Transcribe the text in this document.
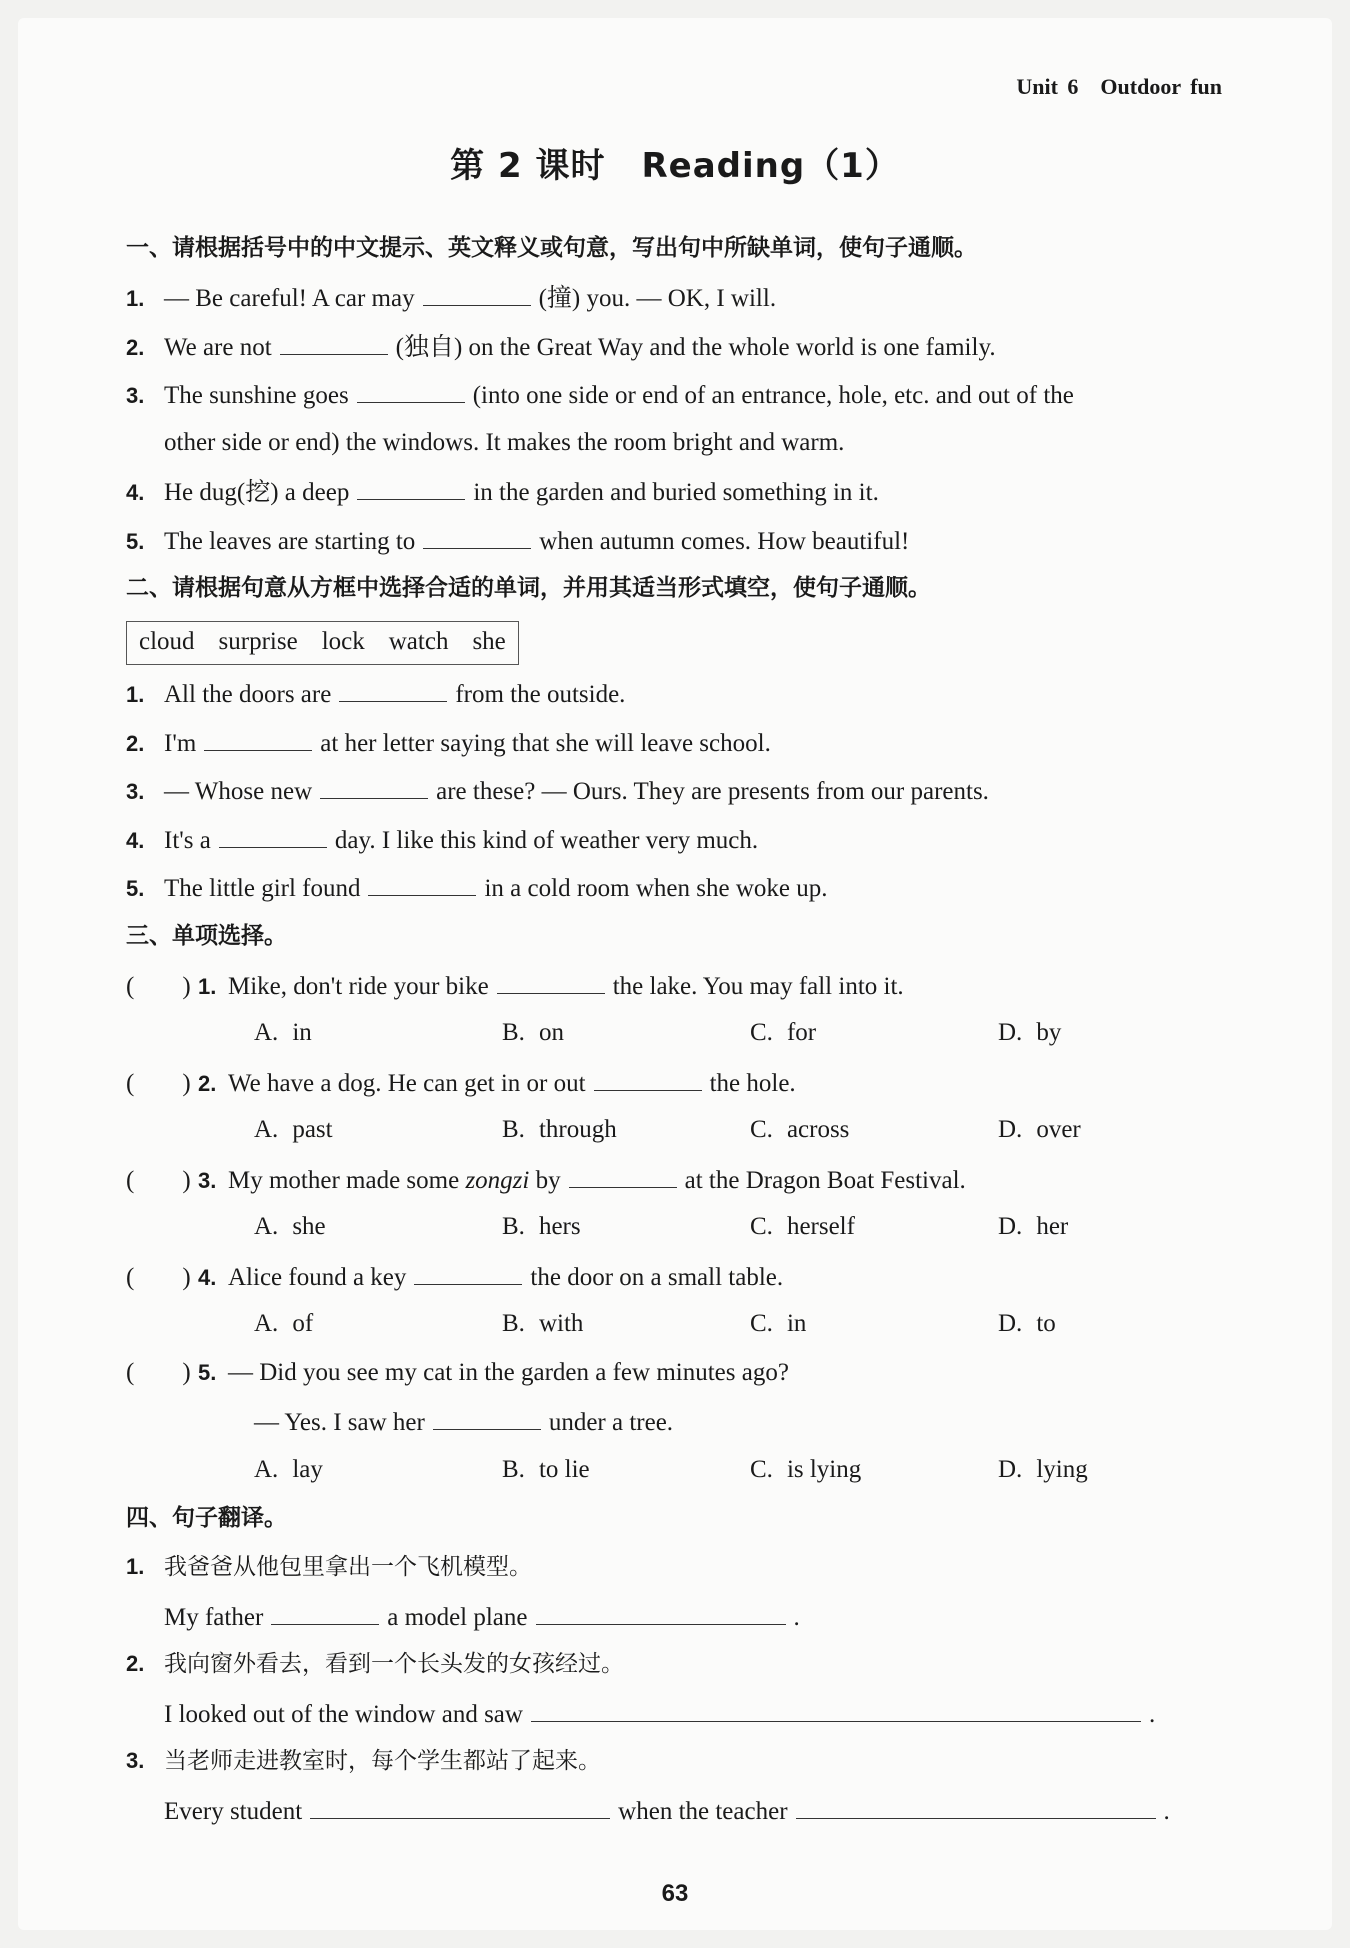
Unit 6 Outdoor fun
第 2 课时 Reading（1）
一、请根据括号中的中文提示、英文释义或句意，写出句中所缺单词，使句子通顺。
1. — Be careful! A car may	(撞) you. — OK, I will.
2. We are not	(独自) on the Great Way and the whole world is one family.
3. The sunshine goes	(into one side or end of an entrance, hole, etc. and out of the
other side or end) the windows. It makes the room bright and warm.
4. He dug(挖) a deep	in the garden and buried something in it.
5. The leaves are starting to	when autumn comes. How beautiful!
二、请根据句意从方框中选择合适的单词，并用其适当形式填空，使句子通顺。
cloud surprise lock watch she
1. All the doors are	from the outside.
2. I'm	at her letter saying that she will leave school.
3. — Whose new	are these? — Ours. They are presents from our parents.
4. It's a	day. I like this kind of weather very much.
5. The little girl found	in a cold room when she woke up.
三、单项选择。
( ) 1. Mike, don't ride your bike	the lake. You may fall into it.
A. in	B. on	C. for	D. by
( ) 2. We have a dog. He can get in or out	the hole.
A. past	B. through	C. across	D. over
( ) 3. My mother made some zongzi by	at the Dragon Boat Festival.
A. she	B. hers	C. herself	D. her
( ) 4. Alice found a key	the door on a small table.
A. of	B. with	C. in	D. to
( ) 5. — Did you see my cat in the garden a few minutes ago?
— Yes. I saw her	under a tree.
A. lay	B. to lie	C. is lying	D. lying
四、句子翻译。
1. 我爸爸从他包里拿出一个飞机模型。
My father	a model plane	.
2. 我向窗外看去，看到一个长头发的女孩经过。
I looked out of the window and saw	.
3. 当老师走进教室时，每个学生都站了起来。
Every student	when the teacher	.
63
